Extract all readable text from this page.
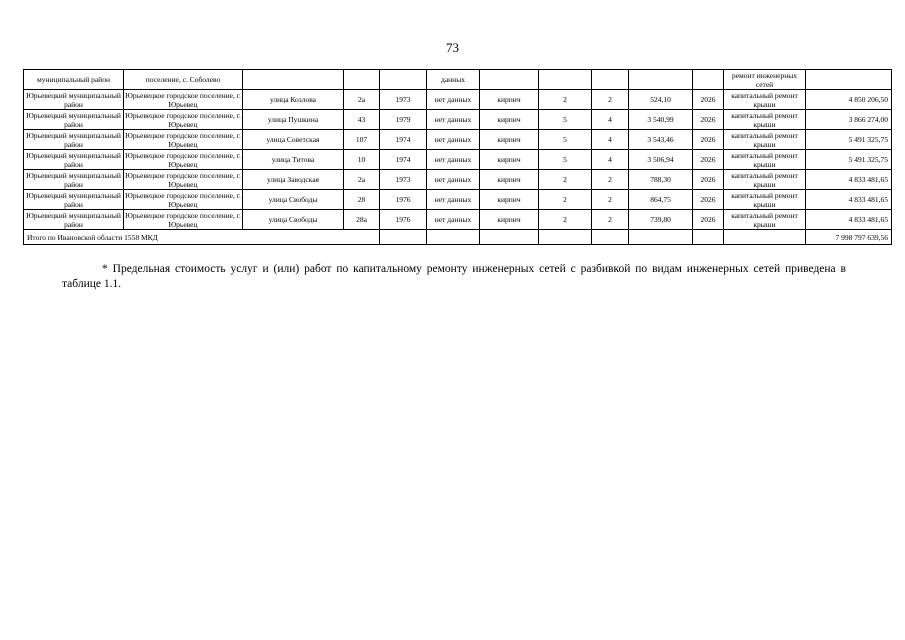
73
муниципальный район	поселение, с. Соболево				данных						ремонт инженерных сетей	
Юрьевецкий муниципальный район	Юрьевецкое городское поселение, г. Юрьевец	улица Козлова	2а	1973	нет данных	кирпич	2	2	524,10	2026	капитальный ремонт крыши	4 850 206,50
Юрьевецкий муниципальный район	Юрьевецкое городское поселение, г. Юрьевец	улица Пушкина	43	1979	нет данных	кирпич	5	4	3 540,99	2026	капитальный ремонт крыши	3 866 274,00
Юрьевецкий муниципальный район	Юрьевецкое городское поселение, г. Юрьевец	улица Советская	107	1974	нет данных	кирпич	5	4	3 543,46	2026	капитальный ремонт крыши	5 491 325,75
Юрьевецкий муниципальный район	Юрьевецкое городское поселение, г. Юрьевец	улица Титова	10	1974	нет данных	кирпич	5	4	3 506,94	2026	капитальный ремонт крыши	5 491 325,75
Юрьевецкий муниципальный район	Юрьевецкое городское поселение, г. Юрьевец	улица Заводская	2а	1973	нет данных	кирпич	2	2	788,30	2026	капитальный ремонт крыши	4 833 481,65
Юрьевецкий муниципальный район	Юрьевецкое городское поселение, г. Юрьевец	улица Свободы	28	1976	нет данных	кирпич	2	2	864,75	2026	капитальный ремонт крыши	4 833 481,65
Юрьевецкий муниципальный район	Юрьевецкое городское поселение, г. Юрьевец	улица Свободы	28а	1976	нет данных	кирпич	2	2	739,80	2026	капитальный ремонт крыши	4 833 481,65
Итого по Ивановской области 1558 МКД												7 998 797 639,56
* Предельная стоимость услуг и (или) работ по капитальному ремонту инженерных сетей с разбивкой по видам инженерных сетей приведена в таблице 1.1.
